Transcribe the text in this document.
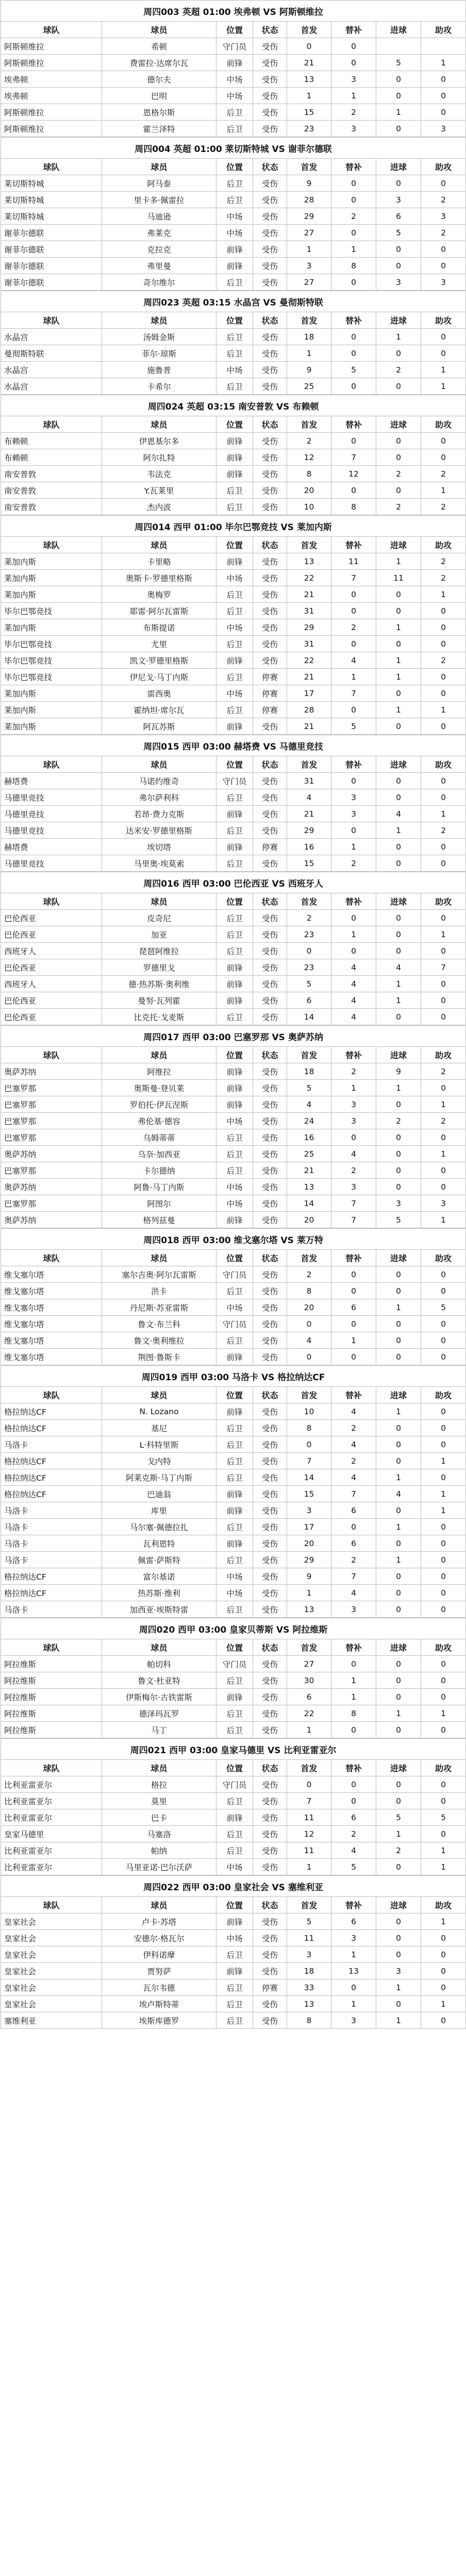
周四003 英超 01:00 埃弗顿 VS 阿斯顿维拉							
球队	球员	位置	状态	首发	替补	进球	助攻
阿斯顿维拉	希顿	守门员	受伤	0	0		
阿斯顿维拉	费雷拉·达席尔瓦	前锋	受伤	21	0	5	1
埃弗顿	德尔夫	中场	受伤	13	3	0	0
埃弗顿	巴明	中场	受伤	1	1	0	0
阿斯顿维拉	恩格尔斯	后卫	受伤	15	2	1	0
阿斯顿维拉	霍兰泽特	后卫	受伤	23	3	0	3
周四004 英超 01:00 莱切斯特城 VS 谢菲尔德联							
球队	球员	位置	状态	首发	替补	进球	助攻
莱切斯特城	阿马泰	后卫	受伤	9	0	0	0
莱切斯特城	里卡多·佩雷拉	后卫	受伤	28	0	3	2
莱切斯特城	马迪逊	中场	受伤	29	2	6	3
谢菲尔德联	弗莱克	中场	受伤	27	0	5	2
谢菲尔德联	克拉克	前锋	受伤	1	1	0	0
谢菲尔德联	弗里曼	前锋	受伤	3	8	0	0
谢菲尔德联	奇尔维尔	后卫	受伤	27	0	3	3
周四023 英超 03:15 水晶宫 VS 曼彻斯特联							
球队	球员	位置	状态	首发	替补	进球	助攻
水晶宫	汤姆金斯	后卫	受伤	18	0	1	0
曼彻斯特联	菲尔·琼斯	后卫	受伤	1	0	0	0
水晶宫	施鲁普	中场	受伤	9	5	2	1
水晶宫	卡希尔	后卫	受伤	25	0	0	1
周四024 英超 03:15 南安普敦 VS 布赖顿							
球队	球员	位置	状态	首发	替补	进球	助攻
布赖顿	伊恩基尔多	前锋	受伤	2	0	0	0
布赖顿	阿尔扎特	前锋	受伤	12	7	0	0
南安普敦	韦法克	前锋	受伤	8	12	2	2
南安普敦	Y.瓦莱里	后卫	受伤	20	0	0	1
南安普敦	杰内波	后卫	受伤	10	8	2	2
周四014 西甲 01:00 毕尔巴鄂竞技 VS 莱加内斯							
球队	球员	位置	状态	首发	替补	进球	助攻
莱加内斯	卡里略	前锋	受伤	13	11	1	2
莱加内斯	奥斯卡·罗德里格斯	中场	受伤	22	7	11	2
莱加内斯	奥梅罗	后卫	受伤	21	0	0	1
毕尔巴鄂竞技	耶雷·阿尔瓦雷斯	后卫	受伤	31	0	0	0
莱加内斯	布斯提诺	中场	受伤	29	2	1	0
毕尔巴鄂竞技	尤里	后卫	受伤	31	0	0	0
毕尔巴鄂竞技	凯文·罗德里格斯	前锋	受伤	22	4	1	2
毕尔巴鄂竞技	伊尼戈·马丁内斯	后卫	停赛	21	1	1	0
莱加内斯	雷西奥	中场	停赛	17	7	0	0
莱加内斯	霍纳坦·席尔瓦	后卫	停赛	28	0	1	1
莱加内斯	阿瓦苏斯	前锋	受伤	21	5	0	0
周四015 西甲 03:00 赫塔费 VS 马德里竞技							
球队	球员	位置	状态	首发	替补	进球	助攻
赫塔费	马诺约维奇	守门员	受伤	31	0	0	0
马德里竞技	弗尔萨利科	后卫	受伤	4	3	0	0
马德里竞技	若昂·费力克斯	前锋	受伤	21	3	4	1
马德里竞技	达米安·罗德里格斯	后卫	受伤	29	0	1	2
赫塔费	埃切塔	前锋	停赛	16	1	0	0
马德里竞技	马里奥·埃莫索	后卫	受伤	15	2	0	0
周四016 西甲 03:00 巴伦西亚 VS 西班牙人							
球队	球员	位置	状态	首发	替补	进球	助攻
巴伦西亚	皮奇尼	后卫	受伤	2	0	0	0
巴伦西亚	加亚	后卫	受伤	23	1	0	1
西班牙人	琵琶阿维拉	后卫	受伤	0	0	0	0
巴伦西亚	罗德里戈	前锋	受伤	23	4	4	7
西班牙人	德·热苏斯·奥利维	前锋	受伤	5	4	1	0
巴伦西亚	曼努·瓦列霍	前锋	受伤	6	4	1	0
巴伦西亚	比克托·戈麦斯	后卫	受伤	14	4	0	0
周四017 西甲 03:00 巴塞罗那 VS 奥萨苏纳							
球队	球员	位置	状态	首发	替补	进球	助攻
奥萨苏纳	阿维拉	前锋	受伤	18	2	9	2
巴塞罗那	奥斯曼·登贝莱	前锋	受伤	5	1	1	0
巴塞罗那	罗伯托·伊瓦涅斯	前锋	受伤	4	3	0	1
巴塞罗那	弗伦基·德容	中场	受伤	24	3	2	2
巴塞罗那	乌姆蒂蒂	后卫	受伤	16	0	0	0
奥萨苏纳	乌奈·加西亚	后卫	受伤	25	4	0	1
巴塞罗那	卡尔德纳	后卫	受伤	21	2	0	0
奥萨苏纳	阿鲁·马丁内斯	中场	受伤	13	3	0	0
巴塞罗那	阿图尔	中场	受伤	14	7	3	3
奥萨苏纳	格列兹曼	前锋	受伤	20	7	5	1
周四018 西甲 03:00 维戈塞尔塔 VS 莱万特							
球队	球员	位置	状态	首发	替补	进球	助攻
维戈塞尔塔	塞尔吉奥·阿尔瓦雷斯	守门员	受伤	2	0	0	0
维戈塞尔塔	洪卡	后卫	受伤	8	0	0	0
维戈塞尔塔	丹尼斯·苏亚雷斯	中场	受伤	20	6	1	5
维戈塞尔塔	鲁文·布兰科	守门员	受伤	0	0	0	0
维戈塞尔塔	鲁文·奥利维拉	后卫	受伤	4	1	0	0
维戈塞尔塔	荆图·鲁斯卡	前锋	受伤	0	0	0	0
周四019 西甲 03:00 马洛卡 VS 格拉纳达CF							
球队	球员	位置	状态	首发	替补	进球	助攻
格拉纳达CF	N. Lozano	前锋	受伤	10	4	1	0
格拉纳达CF	基尼	后卫	受伤	8	2	0	0
马洛卡	L·科特里斯	后卫	受伤	0	4	0	0
格拉纳达CF	戈内特	后卫	受伤	7	2	0	1
格拉纳达CF	阿莱克斯·马丁内斯	后卫	受伤	14	4	1	0
格拉纳达CF	巴迪翁	前锋	受伤	15	7	4	1
马洛卡	库里	前锋	受伤	3	6	0	1
马洛卡	马尔塞·佩德拉扎	后卫	受伤	17	0	1	0
马洛卡	瓦利恩特	前锋	受伤	20	6	0	0
马洛卡	佩雷·萨斯特	后卫	受伤	29	2	1	0
格拉纳达CF	富尔基诺	中场	受伤	9	7	0	0
格拉纳达CF	热苏斯·维利	中场	受伤	1	4	0	0
马洛卡	加西亚·埃斯特雷	后卫	受伤	13	3	0	0
周四020 西甲 03:00 皇家贝蒂斯 VS 阿拉维斯							
球队	球员	位置	状态	首发	替补	进球	助攻
阿拉维斯	帕切科	守门员	受伤	27	0	0	0
阿拉维斯	鲁文·杜亚特	后卫	受伤	30	1	0	0
阿拉维斯	伊斯梅尔·古铁雷斯	前锋	受伤	6	1	0	0
阿拉维斯	德泽玛瓦罗	后卫	受伤	22	8	1	1
阿拉维斯	马丁	后卫	受伤	1	0	0	0
周四021 西甲 03:00 皇家马德里 VS 比利亚雷亚尔							
球队	球员	位置	状态	首发	替补	进球	助攻
比利亚雷亚尔	格拉	守门员	受伤	0	0	0	0
比利亚雷亚尔	莫里	后卫	受伤	7	0	0	0
比利亚雷亚尔	巴卡	前锋	受伤	11	6	5	5
皇家马德里	马塞洛	后卫	受伤	12	2	1	0
比利亚雷亚尔	帕纳	后卫	受伤	11	4	2	1
比利亚雷亚尔	马里亚诺·巴尔沃萨	中场	受伤	1	5	0	1
周四022 西甲 03:00 皇家社会 VS 塞维利亚							
球队	球员	位置	状态	首发	替补	进球	助攻
皇家社会	卢卡·苏塔	前锋	受伤	5	6	0	1
皇家社会	安德尔·格瓦尔	中场	受伤	11	3	0	0
皇家社会	伊科诺摩	后卫	受伤	3	1	0	0
皇家社会	贾努萨	前锋	受伤	18	13	3	0
皇家社会	瓦尔韦德	后卫	停赛	33	0	1	0
皇家社会	埃卢斯特蒂	后卫	受伤	13	1	0	1
塞维利亚	埃斯库德罗	后卫	受伤	8	3	1	0
